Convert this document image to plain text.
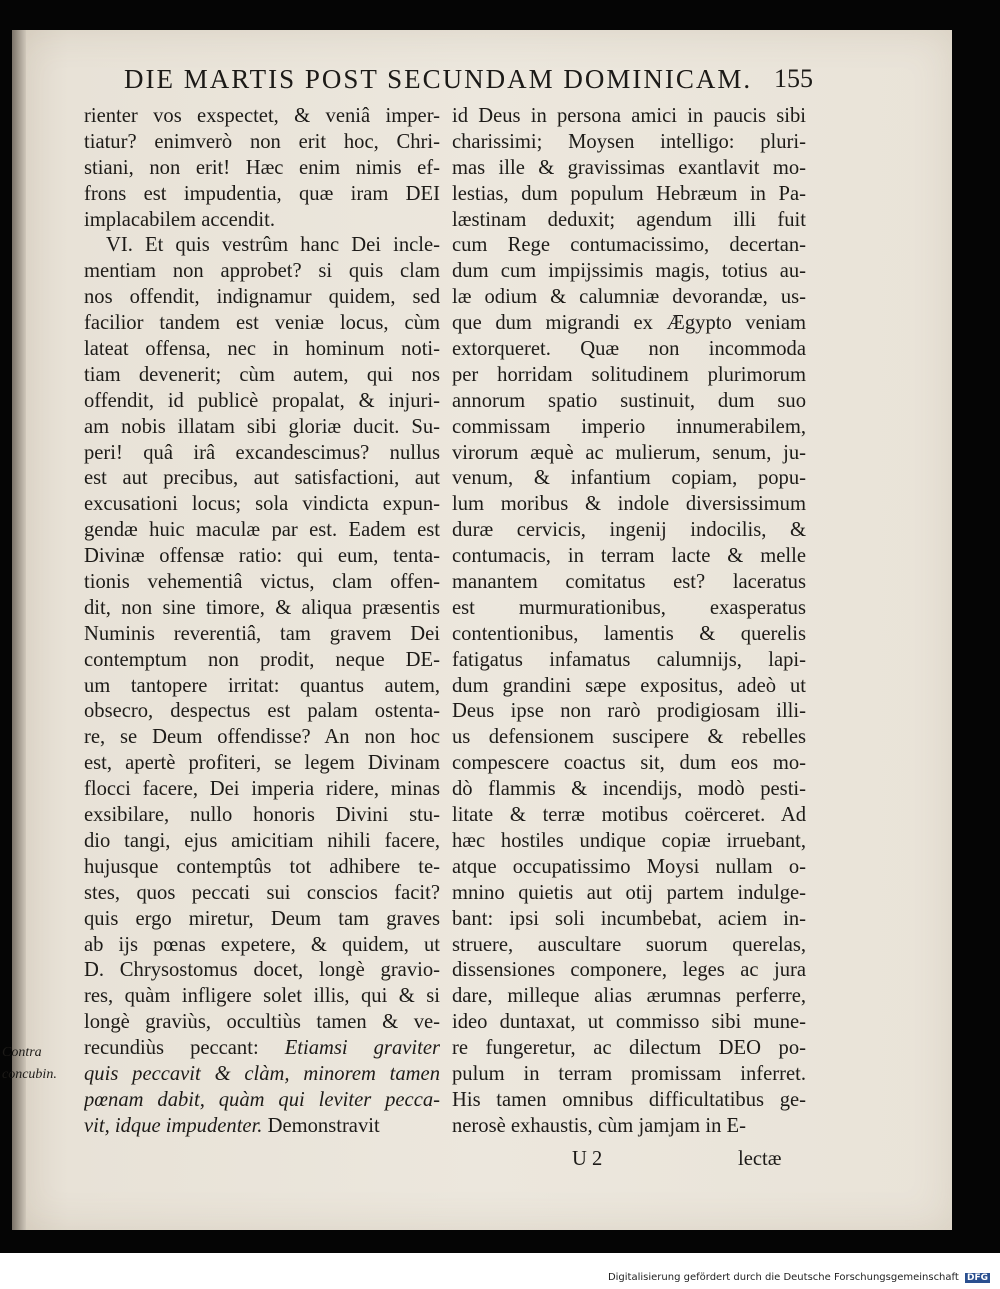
DIE MARTIS POST SECUNDAM DOMINICAM. 155
rienter vos exspectet, & veniâ imper-
tiatur? enimverò non erit hoc, Chri-
stiani, non erit! Hæc enim nimis ef-
frons est impudentia, quæ iram DEI
implacabilem accendit.
VI. Et quis vestrûm hanc Dei incle-
mentiam non approbet? si quis clam
nos offendit, indignamur quidem, sed
facilior tandem est veniæ locus, cùm
lateat offensa, nec in hominum noti-
tiam devenerit; cùm autem, qui nos
offendit, id publicè propalat, & injuri-
am nobis illatam sibi gloriæ ducit. Su-
peri! quâ irâ excandescimus? nullus
est aut precibus, aut satisfactioni, aut
excusationi locus; sola vindicta expun-
gendæ huic maculæ par est. Eadem est
Divinæ offensæ ratio: qui eum, tenta-
tionis vehementiâ victus, clam offen-
dit, non sine timore, & aliqua præsentis
Numinis reverentiâ, tam gravem Dei
contemptum non prodit, neque DE-
um tantopere irritat: quantus autem,
obsecro, despectus est palam ostenta-
re, se Deum offendisse? An non hoc
est, apertè profiteri, se legem Divinam
flocci facere, Dei imperia ridere, minas
exsibilare, nullo honoris Divini stu-
dio tangi, ejus amicitiam nihili facere,
hujusque contemptûs tot adhibere te-
stes, quos peccati sui conscios facit?
quis ergo miretur, Deum tam graves
ab ijs pœnas expetere, & quidem, ut
D. Chrysostomus docet, longè gravio-
res, quàm infligere solet illis, qui & si
longè graviùs, occultiùs tamen & ve-
recundiùs peccant: Etiamsi graviter
quis peccavit & clàm, minorem tamen
pœnam dabit, quàm qui leviter pecca-
vit, idque impudenter. Demonstravit
id Deus in persona amici in paucis sibi
charissimi; Moysen intelligo: pluri-
mas ille & gravissimas exantlavit mo-
lestias, dum populum Hebræum in Pa-
læstinam deduxit; agendum illi fuit
cum Rege contumacissimo, decertan-
dum cum impijssimis magis, totius au-
læ odium & calumniæ devorandæ, us-
que dum migrandi ex Ægypto veniam
extorqueret. Quæ non incommoda
per horridam solitudinem plurimorum
annorum spatio sustinuit, dum suo
commissam imperio innumerabilem,
virorum æquè ac mulierum, senum, ju-
venum, & infantium copiam, popu-
lum moribus & indole diversissimum
duræ cervicis, ingenij indocilis, &
contumacis, in terram lacte & melle
manantem comitatus est? laceratus
est murmurationibus, exasperatus
contentionibus, lamentis & querelis
fatigatus infamatus calumnijs, lapi-
dum grandini sæpe expositus, adeò ut
Deus ipse non rarò prodigiosam illi-
us defensionem suscipere & rebelles
compescere coactus sit, dum eos mo-
dò flammis & incendijs, modò pesti-
litate & terræ motibus coërceret. Ad
hæc hostiles undique copiæ irruebant,
atque occupatissimo Moysi nullam o-
mnino quietis aut otij partem indulge-
bant: ipsi soli incumbebat, aciem in-
struere, auscultare suorum querelas,
dissensiones componere, leges ac jura
dare, milleque alias ærumnas perferre,
ideo duntaxat, ut commisso sibi mune-
re fungeretur, ac dilectum DEO po-
pulum in terram promissam inferret.
His tamen omnibus difficultatibus ge-
nerosè exhaustis, cùm jamjam in E-
Contra
concubin.
U 2	lectæ
Digitalisierung gefördert durch die Deutsche Forschungsgemeinschaft DFG
